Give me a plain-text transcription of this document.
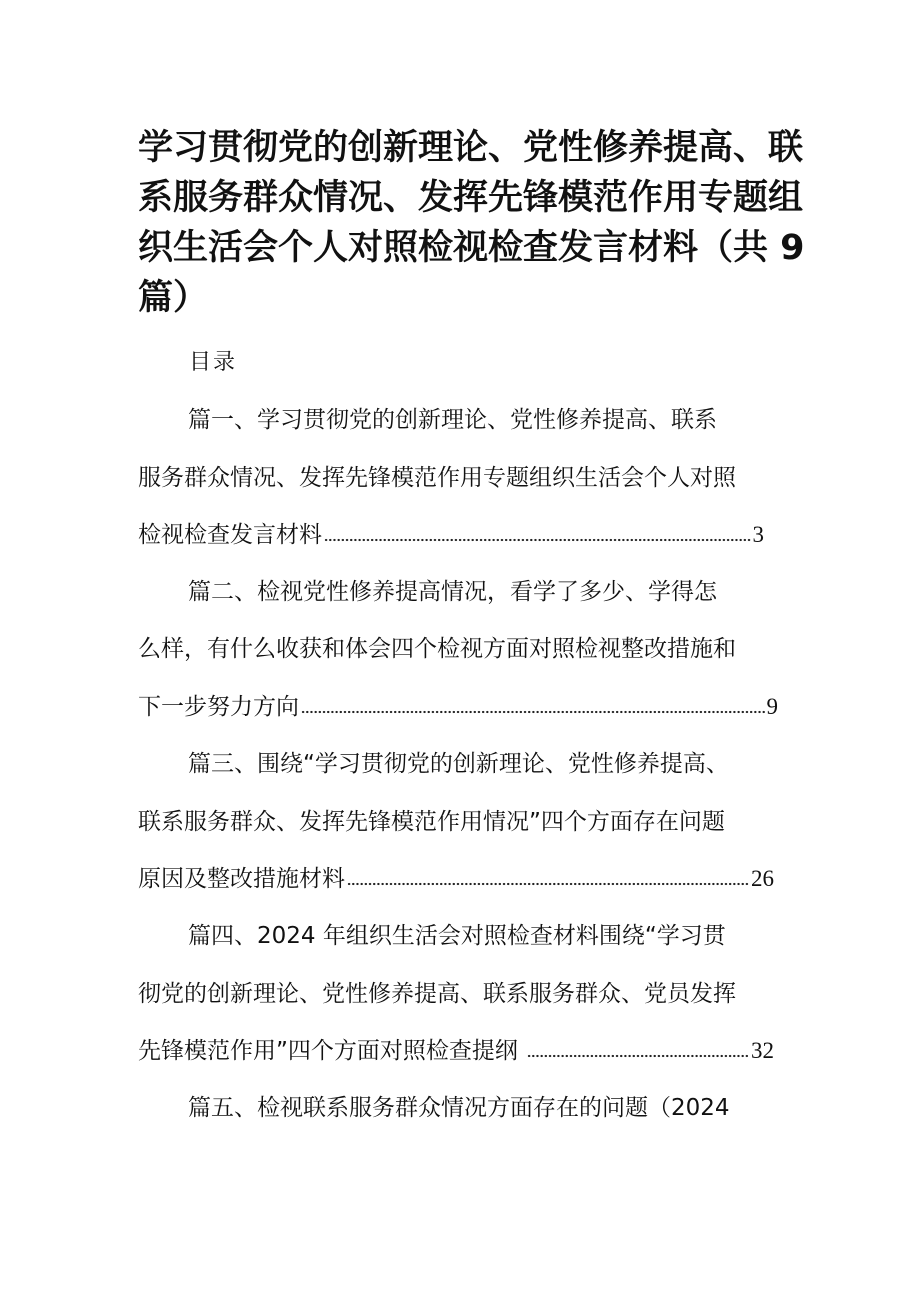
学习贯彻党的创新理论、党性修养提高、联
系服务群众情况、发挥先锋模范作用专题组
织生活会个人对照检视检查发言材料（共 9
篇）
目录
篇一、学习贯彻党的创新理论、党性修养提高、联系
服务群众情况、发挥先锋模范作用专题组织生活会个人对照
检视检查发言材料	3
篇二、检视党性修养提高情况，看学了多少、学得怎
么样，有什么收获和体会四个检视方面对照检视整改措施和
下一步努力方向	9
篇三、围绕“学习贯彻党的创新理论、党性修养提高、
联系服务群众、发挥先锋模范作用情况”四个方面存在问题
原因及整改措施材料	26
篇四、2024 年组织生活会对照检查材料围绕“学习贯
彻党的创新理论、党性修养提高、联系服务群众、党员发挥
先锋模范作用”四个方面对照检查提纲	32
篇五、检视联系服务群众情况方面存在的问题（2024
